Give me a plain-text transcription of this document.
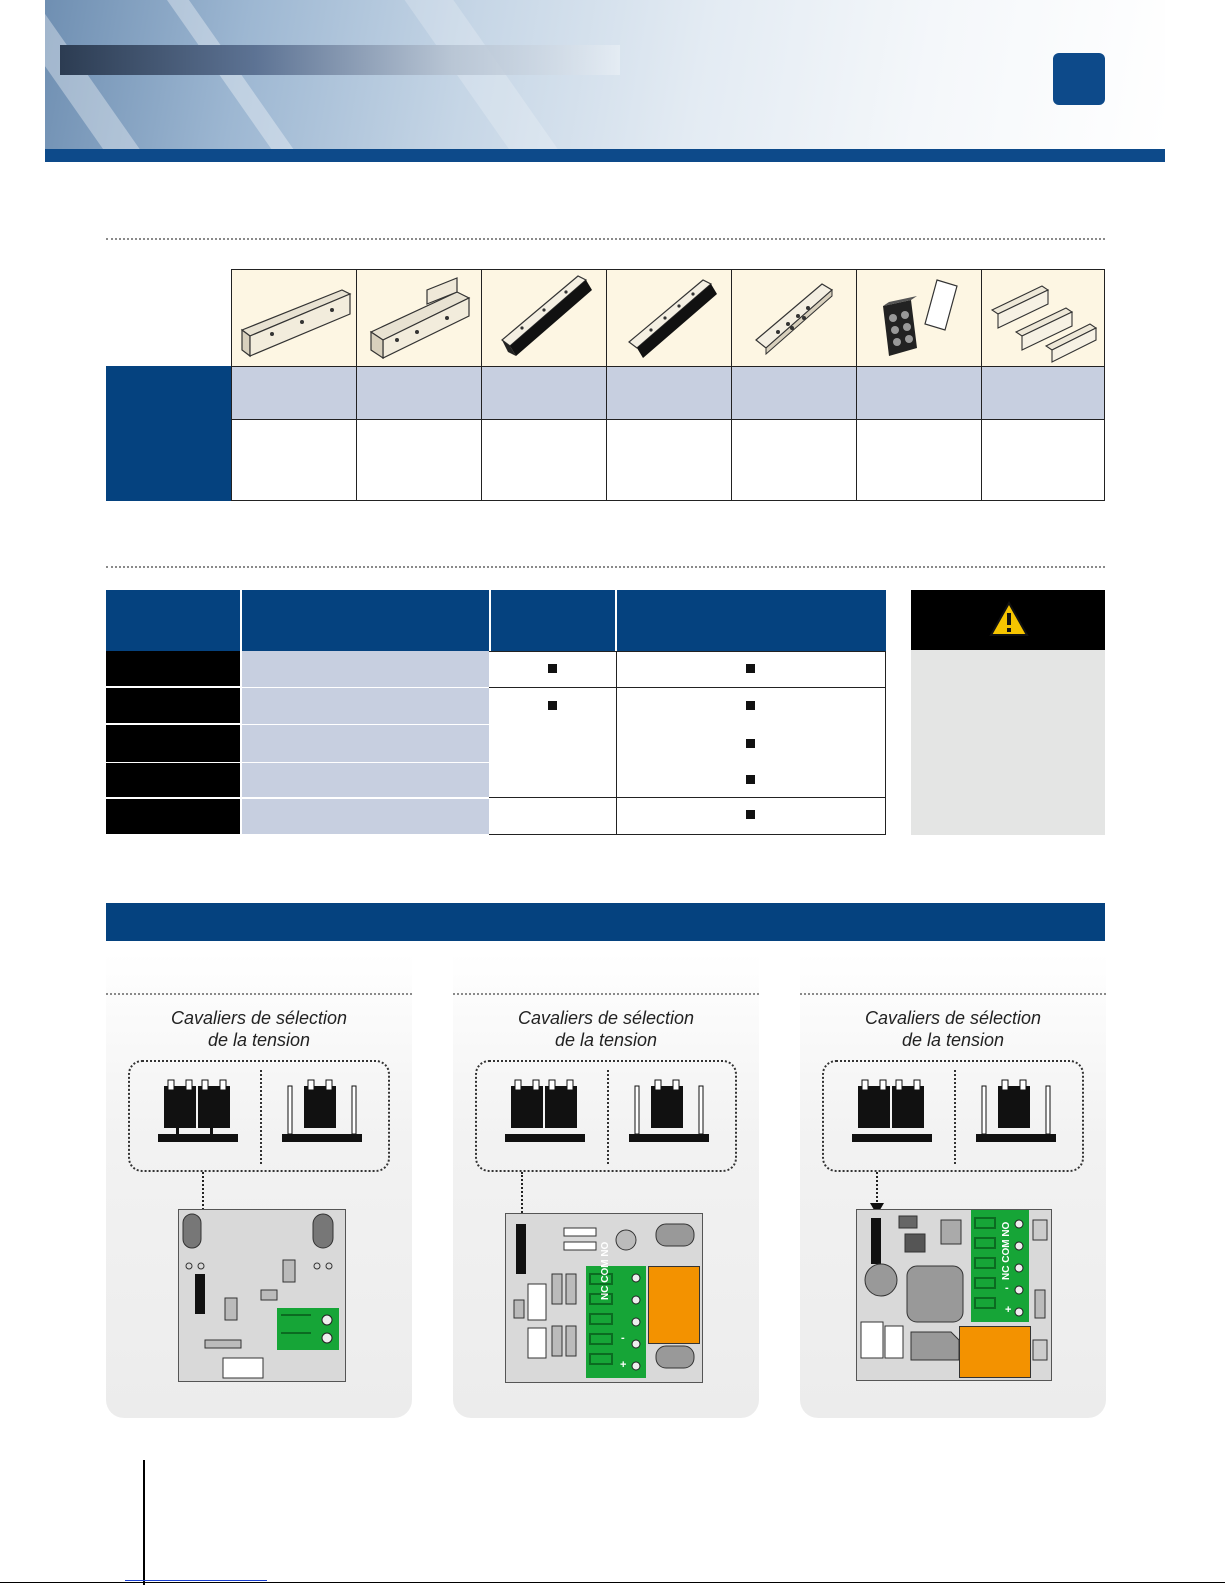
Cavaliers de sélection
de la tension
Cavaliers de sélection
de la tension
NC COM NO
-
+
Cavaliers de sélection
de la tension
NC COM NO
-
+
